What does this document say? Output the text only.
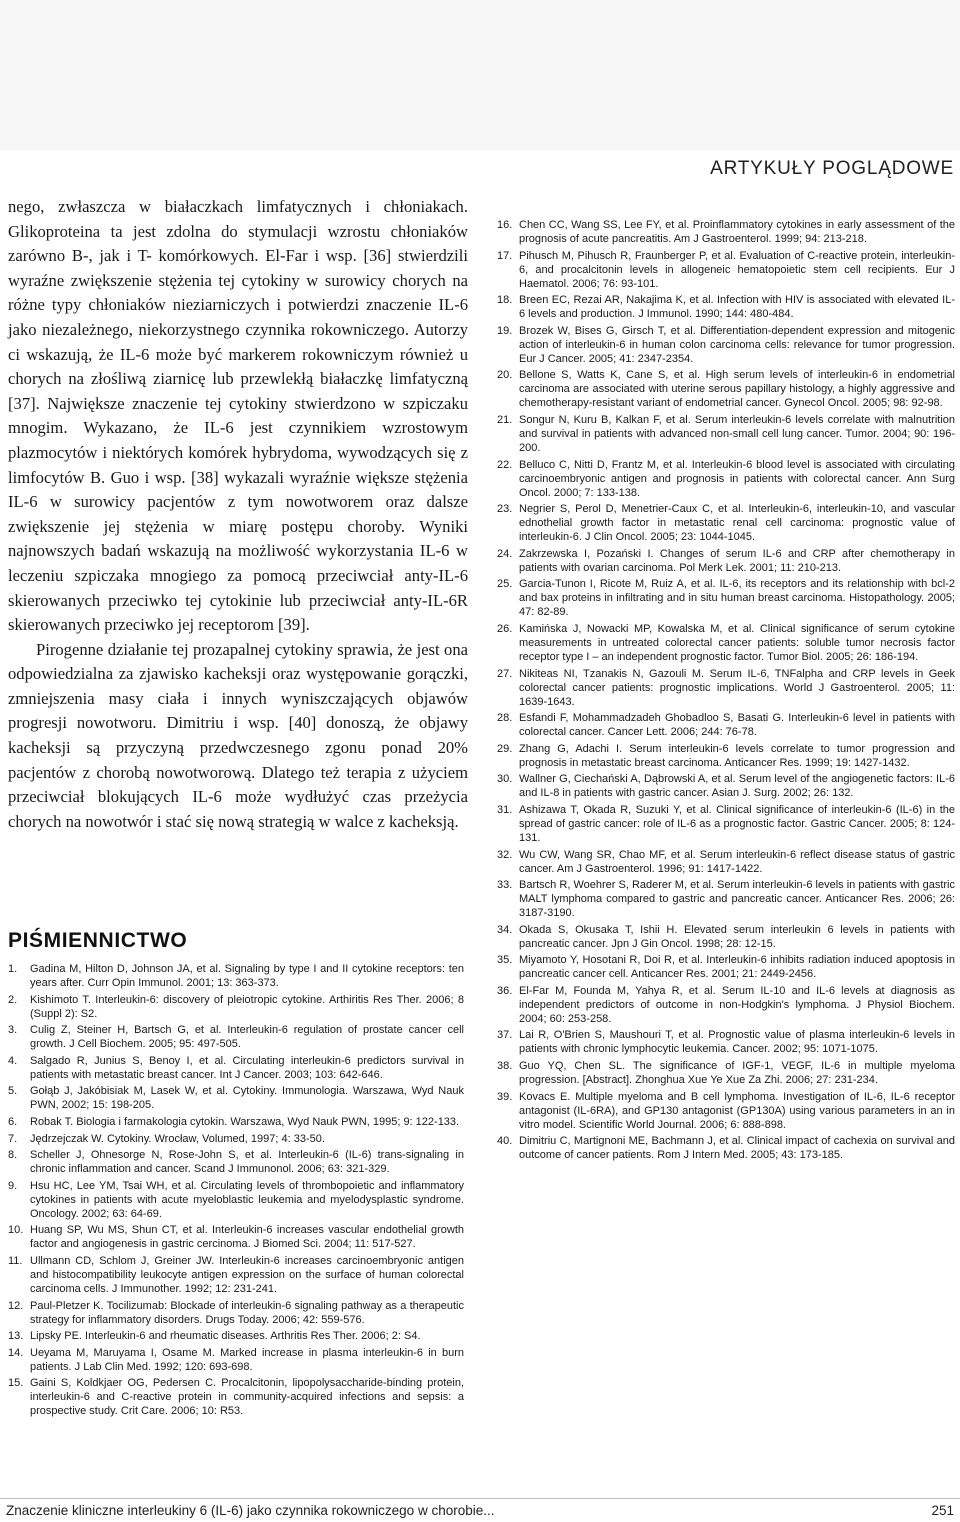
ARTYKUŁY POGLĄDOWE

nego, zwłaszcza w białaczkach limfatycznych i chłoniakach. Glikoproteina ta jest zdolna do stymulacji wzrostu chłoniaków zarówno B-, jak i T- komórkowych. El-Far i wsp. [36] stwierdzili wyraźne zwiększenie stężenia tej cytokiny w surowicy chorych na różne typy chłoniaków nieziarniczych i potwierdzi znaczenie IL-6 jako niezależnego, niekorzystnego czynnika rokowniczego. Autorzy ci wskazują, że IL-6 może być markerem rokowniczym również u chorych na złośliwą ziarnicę lub przewlekłą białaczkę limfatyczną [37]. Największe znaczenie tej cytokiny stwierdzono w szpiczaku mnogim. Wykazano, że IL-6 jest czynnikiem wzrostowym plazmocytów i niektórych komórek hybrydoma, wywodzących się z limfocytów B. Guo i wsp. [38] wykazali wyraźnie większe stężenia IL-6 w surowicy pacjentów z tym nowotworem oraz dalsze zwiększenie jej stężenia w miarę postępu choroby. Wyniki najnowszych badań wskazują na możliwość wykorzystania IL-6 w leczeniu szpiczaka mnogiego za pomocą przeciwciał anty-IL-6 skierowanych przeciwko tej cytokinie lub przeciwciał anty-IL-6R skierowanych przeciwko jej receptorom [39].

Pirogenne działanie tej prozapalnej cytokiny sprawia, że jest ona odpowiedzialna za zjawisko kacheksji oraz występowanie gorączki, zmniejszenia masy ciała i innych wyniszczających objawów progresji nowotworu. Dimitriu i wsp. [40] donoszą, że objawy kacheksji są przyczyną przedwczesnego zgonu ponad 20% pacjentów z chorobą nowotworową. Dlatego też terapia z użyciem przeciwciał blokujących IL-6 może wydłużyć czas przeżycia chorych na nowotwór i stać się nową strategią w walce z kacheksją.

PIŚMIENNICTWO
1.	Gadina M, Hilton D, Johnson JA, et al. Signaling by type I and II cytokine receptors: ten years after. Curr Opin Immunol. 2001; 13: 363-373.
2.	Kishimoto T. Interleukin-6: discovery of pleiotropic cytokine. Arthiritis Res Ther. 2006; 8 (Suppl 2): S2.
3.	Culig Z, Steiner H, Bartsch G, et al. Interleukin-6 regulation of prostate cancer cell growth. J Cell Biochem. 2005; 95: 497-505.
4.	Salgado R, Junius S, Benoy I, et al. Circulating interleukin-6 predictors survival in patients with metastatic breast cancer. Int J Cancer. 2003; 103: 642-646.
5.	Gołąb J, Jakóbisiak M, Lasek W, et al. Cytokiny. Immunologia. Warszawa, Wyd Nauk PWN, 2002; 15: 198-205.
6.	Robak T. Biologia i farmakologia cytokin. Warszawa, Wyd Nauk PWN, 1995; 9: 122-133.
7.	Jędrzejczak W. Cytokiny. Wrocław, Volumed, 1997; 4: 33-50.
8.	Scheller J, Ohnesorge N, Rose-John S, et al. Interleukin-6 (IL-6) trans-signaling in chronic inflammation and cancer. Scand J Immunonol. 2006; 63: 321-329.
9.	Hsu HC, Lee YM, Tsai WH, et al. Circulating levels of thrombopoietic and inflammatory cytokines in patients with acute myeloblastic leukemia and myelodysplastic syndrome. Oncology. 2002; 63: 64-69.
10. Huang SP, Wu MS, Shun CT, et al. Interleukin-6 increases vascular endothelial growth factor and angiogenesis in gastric cercinoma. J Biomed Sci. 2004; 11: 517-527.
11. Ullmann CD, Schlom J, Greiner JW. Interleukin-6 increases carcinoembryonic antigen and histocompatibility leukocyte antigen expression on the surface of human colorectal carcinoma cells. J Immunother. 1992; 12: 231-241.
12. Paul-Pletzer K. Tocilizumab: Blockade of interleukin-6 signaling pathway as a therapeutic strategy for inflammatory disorders. Drugs Today. 2006; 42: 559-576.
13. Lipsky PE. Interleukin-6 and rheumatic diseases. Arthritis Res Ther. 2006; 2: S4.
14. Ueyama M, Maruyama I, Osame M. Marked increase in plasma interleukin-6 in burn patients. J Lab Clin Med. 1992; 120: 693-698.
15. Gaini S, Koldkjaer OG, Pedersen C. Procalcitonin, lipopolysaccharide-binding protein, interleukin-6 and C-reactive protein in community-acquired infections and sepsis: a prospective study. Crit Care. 2006; 10: R53.
16. Chen CC, Wang SS, Lee FY, et al. Proinflammatory cytokines in early assessment of the prognosis of acute pancreatitis. Am J Gastroenterol. 1999; 94: 213-218.
17. Pihusch M, Pihusch R, Fraunberger P, et al. Evaluation of C-reactive protein, interleukin-6, and procalcitonin levels in allogeneic hematopoietic stem cell recipients. Eur J Haematol. 2006; 76: 93-101.
18. Breen EC, Rezai AR, Nakajima K, et al. Infection with HIV is associated with elevated IL-6 levels and production. J Immunol. 1990; 144: 480-484.
19. Brozek W, Bises G, Girsch T, et al. Differentiation-dependent expression and mitogenic action of interleukin-6 in human colon carcinoma cells: relevance for tumor progression. Eur J Cancer. 2005; 41: 2347-2354.
20. Bellone S, Watts K, Cane S, et al. High serum levels of interleukin-6 in endometrial carcinoma are associated with uterine serous papillary histology, a highly aggressive and chemotherapy-resistant variant of endometrial cancer. Gynecol Oncol. 2005; 98: 92-98.
21. Songur N, Kuru B, Kalkan F, et al. Serum interleukin-6 levels correlate with malnutrition and survival in patients with advanced non-small cell lung cancer. Tumor. 2004; 90: 196-200.
22. Belluco C, Nitti D, Frantz M, et al. Interleukin-6 blood level is associated with circulating carcinoembryonic antigen and prognosis in patients with colorectal cancer. Ann Surg Oncol. 2000; 7: 133-138.
23. Negrier S, Perol D, Menetrier-Caux C, et al. Interleukin-6, interleukin-10, and vascular ednothelial growth factor in metastatic renal cell carcinoma: prognostic value of interleukin-6. J Clin Oncol. 2005; 23: 1044-1045.
24. Zakrzewska I, Pozański I. Changes of serum IL-6 and CRP after chemotherapy in patients with ovarian carcinoma. Pol Merk Lek. 2001; 11: 210-213.
25. Garcia-Tunon I, Ricote M, Ruiz A, et al. IL-6, its receptors and its relationship with bcl-2 and bax proteins in infiltrating and in situ human breast carcinoma. Histopathology. 2005; 47: 82-89.
26. Kamińska J, Nowacki MP, Kowalska M, et al. Clinical significance of serum cytokine measurements in untreated colorectal cancer patients: soluble tumor necrosis factor receptor type I – an independent prognostic factor. Tumor Biol. 2005; 26: 186-194.
27. Nikiteas NI, Tzanakis N, Gazouli M. Serum IL-6, TNFalpha and CRP levels in Geek colorectal cancer patients: prognostic implications. World J Gastroenterol. 2005; 11: 1639-1643.
28. Esfandi F, Mohammadzadeh Ghobadloo S, Basati G. Interleukin-6 level in patients with colorectal cancer. Cancer Lett. 2006; 244: 76-78.
29. Zhang G, Adachi I. Serum interleukin-6 levels correlate to tumor progression and prognosis in metastatic breast carcinoma. Anticancer Res. 1999; 19: 1427-1432.
30. Wallner G, Ciechański A, Dąbrowski A, et al. Serum level of the angiogenetic factors: IL-6 and IL-8 in patients with gastric cancer. Asian J. Surg. 2002; 26: 132.
31. Ashizawa T, Okada R, Suzuki Y, et al. Clinical significance of interleukin-6 (IL-6) in the spread of gastric cancer: role of IL-6 as a prognostic factor. Gastric Cancer. 2005; 8: 124-131.
32. Wu CW, Wang SR, Chao MF, et al. Serum interleukin-6 reflect disease status of gastric cancer. Am J Gastroenterol. 1996; 91: 1417-1422.
33. Bartsch R, Woehrer S, Raderer M, et al. Serum interleukin-6 levels in patients with gastric MALT lymphoma compared to gastric and pancreatic cancer. Anticancer Res. 2006; 26: 3187-3190.
34. Okada S, Okusaka T, Ishii H. Elevated serum interleukin 6 levels in patients with pancreatic cancer. Jpn J Gin Oncol. 1998; 28: 12-15.
35. Miyamoto Y, Hosotani R, Doi R, et al. Interleukin-6 inhibits radiation induced apoptosis in pancreatic cancer cell. Anticancer Res. 2001; 21: 2449-2456.
36. El-Far M, Founda M, Yahya R, et al. Serum IL-10 and IL-6 levels at diagnosis as independent predictors of outcome in non-Hodgkin's lymphoma. J Physiol Biochem. 2004; 60: 253-258.
37. Lai R, O'Brien S, Maushouri T, et al. Prognostic value of plasma interleukin-6 levels in patients with chronic lymphocytic leukemia. Cancer. 2002; 95: 1071-1075.
38. Guo YQ, Chen SL. The significance of IGF-1, VEGF, IL-6 in multiple myeloma progression. [Abstract]. Zhonghua Xue Ye Xue Za Zhi. 2006; 27: 231-234.
39. Kovacs E. Multiple myeloma and B cell lymphoma. Investigation of IL-6, IL-6 receptor antagonist (IL-6RA), and GP130 antagonist (GP130A) using various parameters in an in vitro model. Scientific World Journal. 2006; 6: 888-898.
40. Dimitriu C, Martignoni ME, Bachmann J, et al. Clinical impact of cachexia on survival and outcome of cancer patients. Rom J Intern Med. 2005; 43: 173-185.
Znaczenie kliniczne interleukiny 6 (IL-6) jako czynnika rokowniczego w chorobie...	251
